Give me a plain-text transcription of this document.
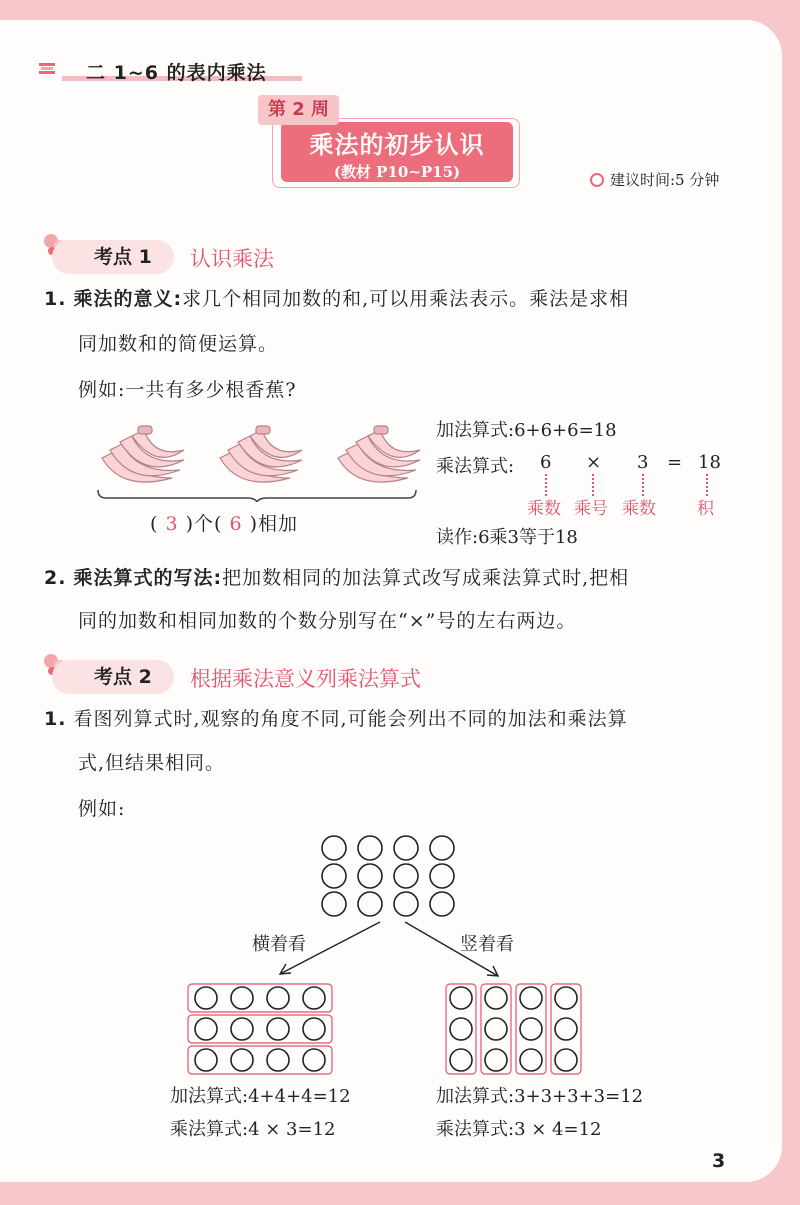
二 1~6 的表内乘法
乘法的初步认识
(教材 P10~P15)
第 2 周
建议时间:5 分钟
考点 1	认识乘法
1. 乘法的意义:求几个相同加数的和,可以用乘法表示。乘法是求相
同加数和的简便运算。
例如:一共有多少根香蕉?
( 3 )个( 6 )相加
加法算式:6+6+6=18
乘法算式: 6 × 3 = 18
乘数 乘号 乘数 积
读作:6乘3等于18
2. 乘法算式的写法:把加数相同的加法算式改写成乘法算式时,把相
同的加数和相同加数的个数分别写在“×”号的左右两边。
考点 2	根据乘法意义列乘法算式
1. 看图列算式时,观察的角度不同,可能会列出不同的加法和乘法算
式,但结果相同。
例如:
横着看	竖着看
加法算式:4+4+4=12
乘法算式:4 × 3=12
加法算式:3+3+3+3=12
乘法算式:3 × 4=12
3
